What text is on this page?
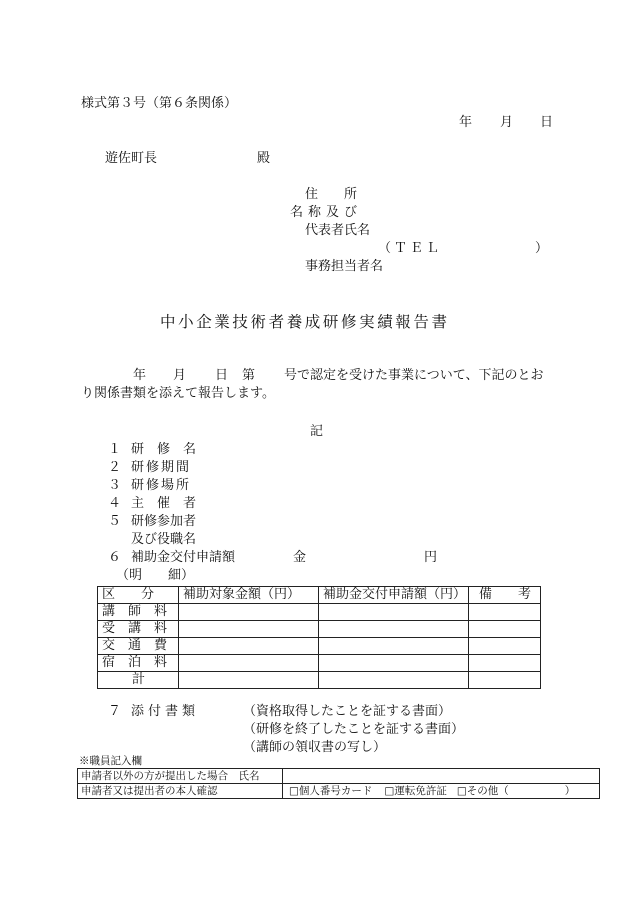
様式第３号（第６条関係）
年 月 日
遊佐町長	殿
住　　所
名称及び
代表者氏名
（ＴＥＬ	）
事務担当者名
中小企業技術者養成研修実績報告書
年 月 日 第 号で認定を受けた事業について、下記のとお
り関係書類を添えて報告します。
記
１ 研　修　名
２ 研修期間
３ 研修場所
４ 主　催　者
５ 研修参加者
及び役職名
６ 補助金交付申請額	金	円
（明　　細）
区　　分	補助対象金額（円）	補助金交付申請額（円）	備　　考
講　師　料			
受　講　料			
交　通　費			
宿　泊　料			
計			
７ 添付書類	（資格取得したことを証する書面）
（研修を終了したことを証する書面）
（講師の領収書の写し）
※職員記入欄
申請者以外の方が提出した場合　氏名	
申請者又は提出者の本人確認	□個人番号カード □運転免許証 □その他（ ）
